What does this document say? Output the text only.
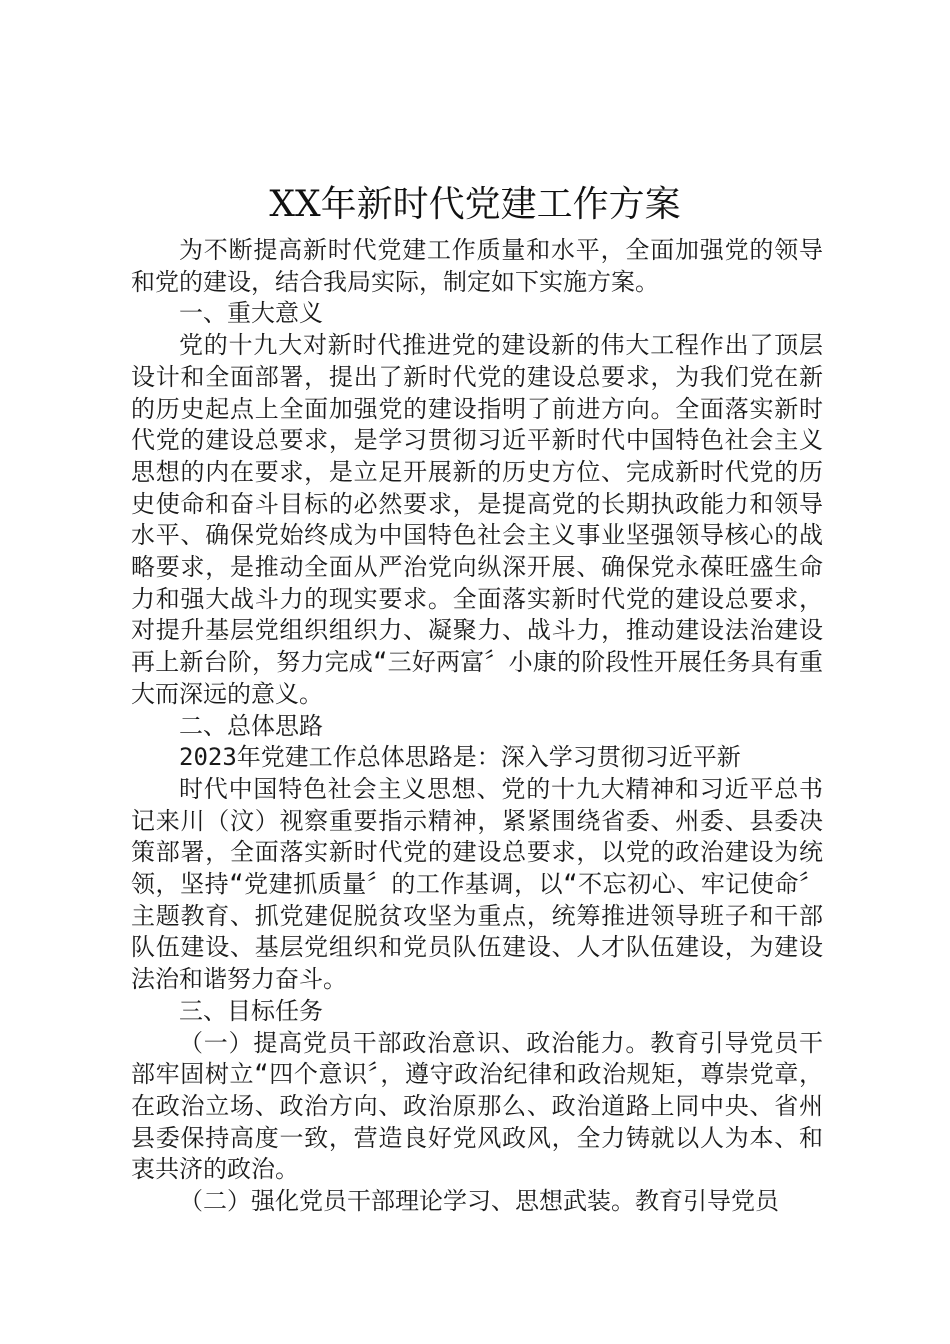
XX年新时代党建工作方案

为不断提高新时代党建工作质量和水平，全面加强党的领导和党的建设，结合我局实际，制定如下实施方案。

一、重大意义

党的十九大对新时代推进党的建设新的伟大工程作出了顶层设计和全面部署，提出了新时代党的建设总要求，为我们党在新的历史起点上全面加强党的建设指明了前进方向。全面落实新时代党的建设总要求，是学习贯彻习近平新时代中国特色社会主义思想的内在要求，是立足开展新的历史方位、完成新时代党的历史使命和奋斗目标的必然要求，是提高党的长期执政能力和领导水平、确保党始终成为中国特色社会主义事业坚强领导核心的战略要求，是推动全面从严治党向纵深开展、确保党永葆旺盛生命力和强大战斗力的现实要求。全面落实新时代党的建设总要求，对提升基层党组织组织力、凝聚力、战斗力，推动建设法治建设再上新台阶，努力完成“三好两富〞小康的阶段性开展任务具有重大而深远的意义。

二、总体思路

2023年党建工作总体思路是：深入学习贯彻习近平新

时代中国特色社会主义思想、党的十九大精神和习近平总书记来川（汶）视察重要指示精神，紧紧围绕省委、州委、县委决策部署，全面落实新时代党的建设总要求，以党的政治建设为统领，坚持“党建抓质量〞的工作基调，以“不忘初心、牢记使命〞主题教育、抓党建促脱贫攻坚为重点，统筹推进领导班子和干部队伍建设、基层党组织和党员队伍建设、人才队伍建设，为建设法治和谐努力奋斗。

三、目标任务

（一）提高党员干部政治意识、政治能力。教育引导党员干部牢固树立“四个意识〞，遵守政治纪律和政治规矩，尊崇党章，在政治立场、政治方向、政治原那么、政治道路上同中央、省州县委保持高度一致，营造良好党风政风，全力铸就以人为本、和衷共济的政治。

（二）强化党员干部理论学习、思想武装。教育引导党员
